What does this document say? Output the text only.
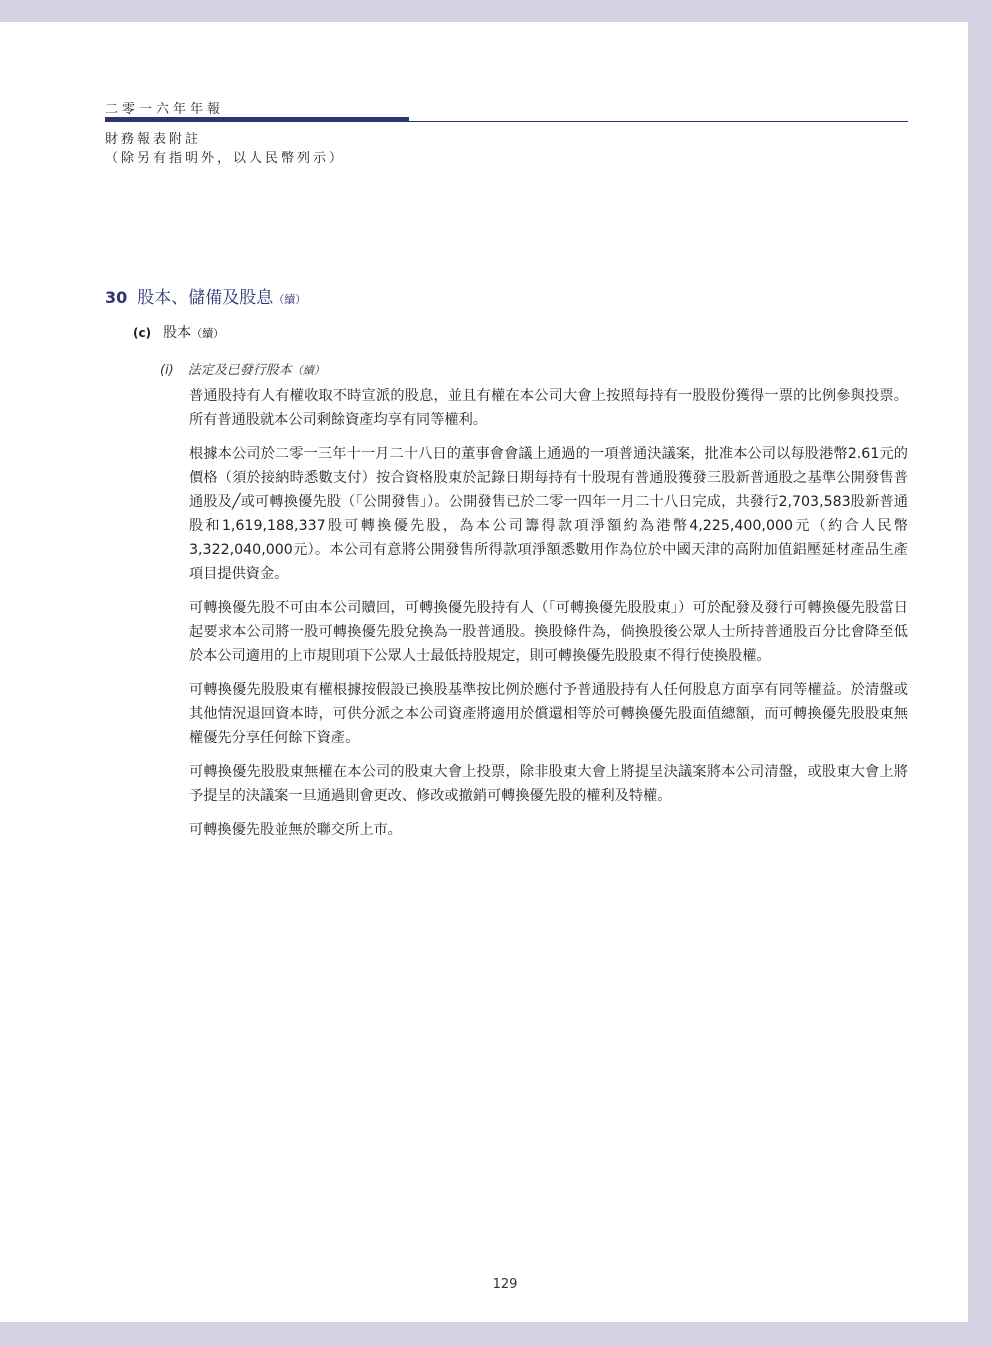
二零一六年年報
財務報表附註
（除另有指明外，以人民幣列示）
30 股本、儲備及股息（續）
(c) 股本（續）
(i) 法定及已發行股本（續）

普通股持有人有權收取不時宣派的股息，並且有權在本公司大會上按照每持有一股股份獲得一票的比例參與投票。所有普通股就本公司剩餘資產均享有同等權利。

根據本公司於二零一三年十一月二十八日的董事會會議上通過的一項普通決議案，批准本公司以每股港幣2.61元的價格（須於接納時悉數支付）按合資格股東於記錄日期每持有十股現有普通股獲發三股新普通股之基準公開發售普通股及╱或可轉換優先股（「公開發售」）。公開發售已於二零一四年一月二十八日完成，共發行2,703,583股新普通股和1,619,188,337股可轉換優先股，為本公司籌得款項淨額約為港幣4,225,400,000元（約合人民幣3,322,040,000元）。本公司有意將公開發售所得款項淨額悉數用作為位於中國天津的高附加值鋁壓延材產品生產項目提供資金。

可轉換優先股不可由本公司贖回，可轉換優先股持有人（「可轉換優先股股東」）可於配發及發行可轉換優先股當日起要求本公司將一股可轉換優先股兌換為一股普通股。換股條件為，倘換股後公眾人士所持普通股百分比會降至低於本公司適用的上市規則項下公眾人士最低持股規定，則可轉換優先股股東不得行使換股權。

可轉換優先股股東有權根據按假設已換股基準按比例於應付予普通股持有人任何股息方面享有同等權益。於清盤或其他情況退回資本時，可供分派之本公司資產將適用於償還相等於可轉換優先股面值總額，而可轉換優先股股東無權優先分享任何餘下資產。

可轉換優先股股東無權在本公司的股東大會上投票，除非股東大會上將提呈決議案將本公司清盤，或股東大會上將予提呈的決議案一旦通過則會更改、修改或撤銷可轉換優先股的權利及特權。

可轉換優先股並無於聯交所上市。

129
